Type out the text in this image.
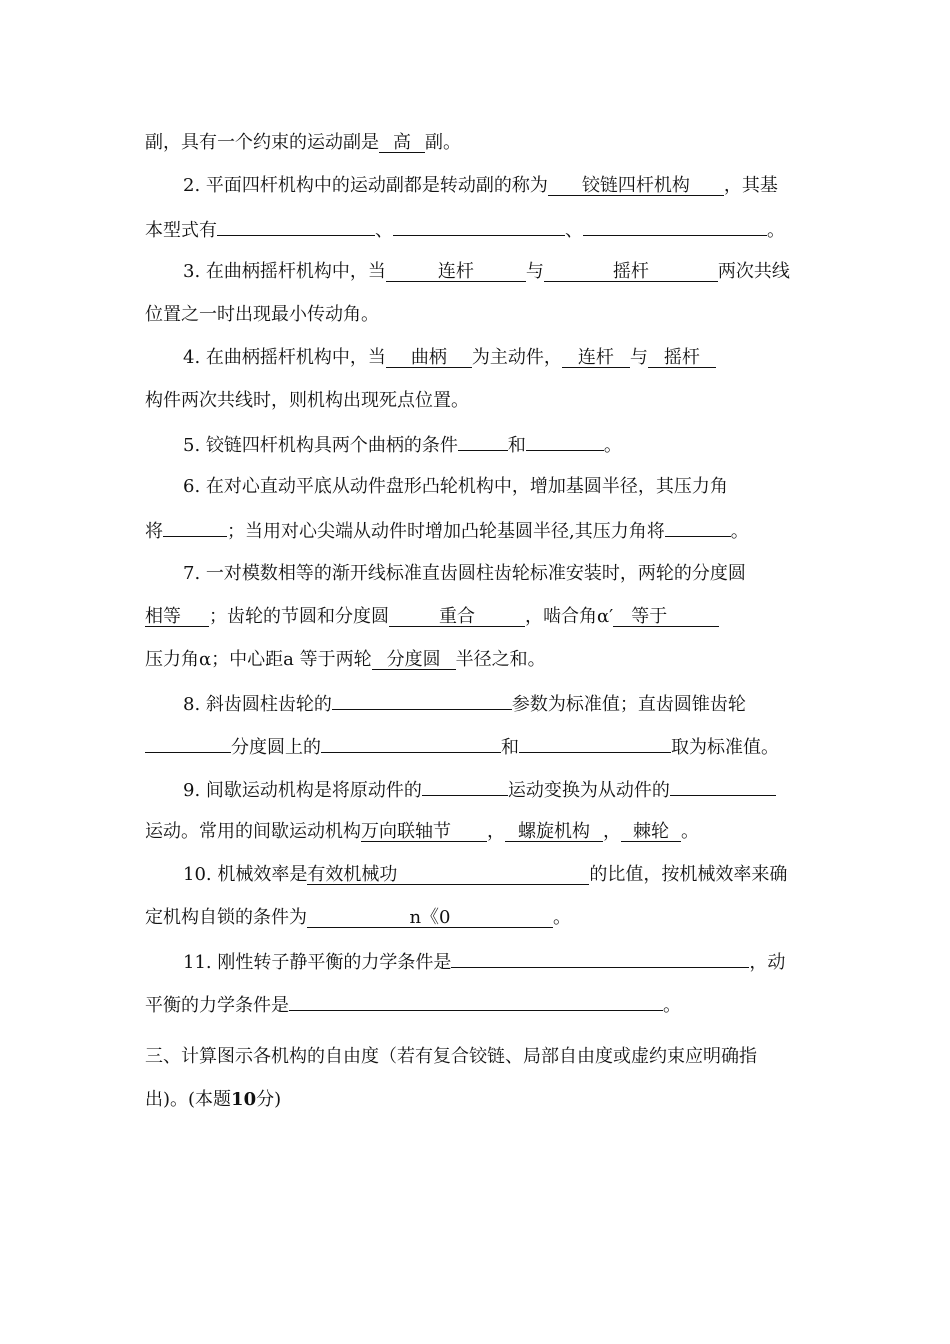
副，具有一个约束的运动副是 高 副。
2. 平面四杆机构中的运动副都是转动副的称为 铰链四杆机构 ，其基
本型式有	、	、	。
3. 在曲柄摇杆机构中，当	连杆	与	摇杆	两次共线
位置之一时出现最小传动角。
4. 在曲柄摇杆机构中，当 曲柄 为主动件， 连杆 与 摇杆
构件两次共线时，则机构出现死点位置。
5. 铰链四杆机构具两个曲柄的条件	和	。
6. 在对心直动平底从动件盘形凸轮机构中，增加基圆半径，其压力角
将	；当用对心尖端从动件时增加凸轮基圆半径,其压力角将	。
7. 一对模数相等的渐开线标准直齿圆柱齿轮标准安装时，两轮的分度圆
相等 ；齿轮的节圆和分度圆	重合	，啮合角α′ 等于
压力角α；中心距a 等于两轮 分度圆 半径之和。
8. 斜齿圆柱齿轮的	参数为标准值；直齿圆锥齿轮
分度圆上的	和	取为标准值。
9. 间歇运动机构是将原动件的	运动变换为从动件的
运动。常用的间歇运动机构万向联轴节 ， 螺旋机构 ， 棘轮 。
10. 机械效率是有效机械功	的比值，按机械效率来确
定机构自锁的条件为	n《0	。
11. 刚性转子静平衡的力学条件是	，动
平衡的力学条件是	。
三、计算图示各机构的自由度（若有复合铰链、局部自由度或虚约束应明确指
出)。(本题10分)
